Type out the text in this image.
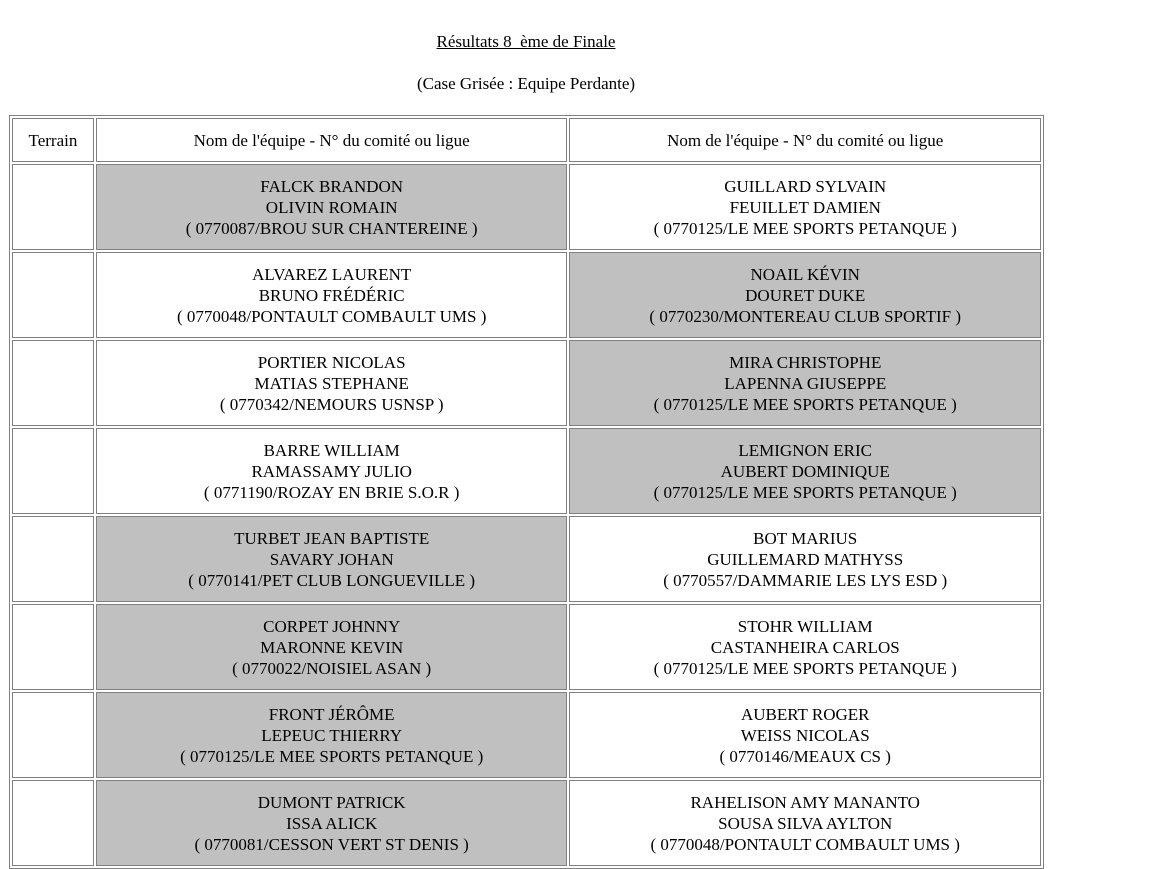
Résultats 8_ème de Finale
(Case Grisée : Equipe Perdante)
Terrain	Nom de l'équipe - N° du comité ou ligue	Nom de l'équipe - N° du comité ou ligue

	FALCK BRANDON
OLIVIN ROMAIN
( 0770087/BROU SUR CHANTEREINE )	GUILLARD SYLVAIN
FEUILLET DAMIEN
( 0770125/LE MEE SPORTS PETANQUE )

	ALVAREZ LAURENT
BRUNO FRÉDÉRIC
( 0770048/PONTAULT COMBAULT UMS )	NOAIL KÉVIN
DOURET DUKE
( 0770230/MONTEREAU CLUB SPORTIF )

	PORTIER NICOLAS
MATIAS STEPHANE
( 0770342/NEMOURS USNSP )	MIRA CHRISTOPHE
LAPENNA GIUSEPPE
( 0770125/LE MEE SPORTS PETANQUE )

	BARRE WILLIAM
RAMASSAMY JULIO
( 0771190/ROZAY EN BRIE S.O.R )	LEMIGNON ERIC
AUBERT DOMINIQUE
( 0770125/LE MEE SPORTS PETANQUE )

	TURBET JEAN BAPTISTE
SAVARY JOHAN
( 0770141/PET CLUB LONGUEVILLE )	BOT MARIUS
GUILLEMARD MATHYSS
( 0770557/DAMMARIE LES LYS ESD )

	CORPET JOHNNY
MARONNE KEVIN
( 0770022/NOISIEL ASAN )	STOHR WILLIAM
CASTANHEIRA CARLOS
( 0770125/LE MEE SPORTS PETANQUE )

	FRONT JÉRÔME
LEPEUC THIERRY
( 0770125/LE MEE SPORTS PETANQUE )	AUBERT ROGER
WEISS NICOLAS
( 0770146/MEAUX CS )

	DUMONT PATRICK
ISSA ALICK
( 0770081/CESSON VERT ST DENIS )	RAHELISON AMY MANANTO
SOUSA SILVA AYLTON
( 0770048/PONTAULT COMBAULT UMS )
